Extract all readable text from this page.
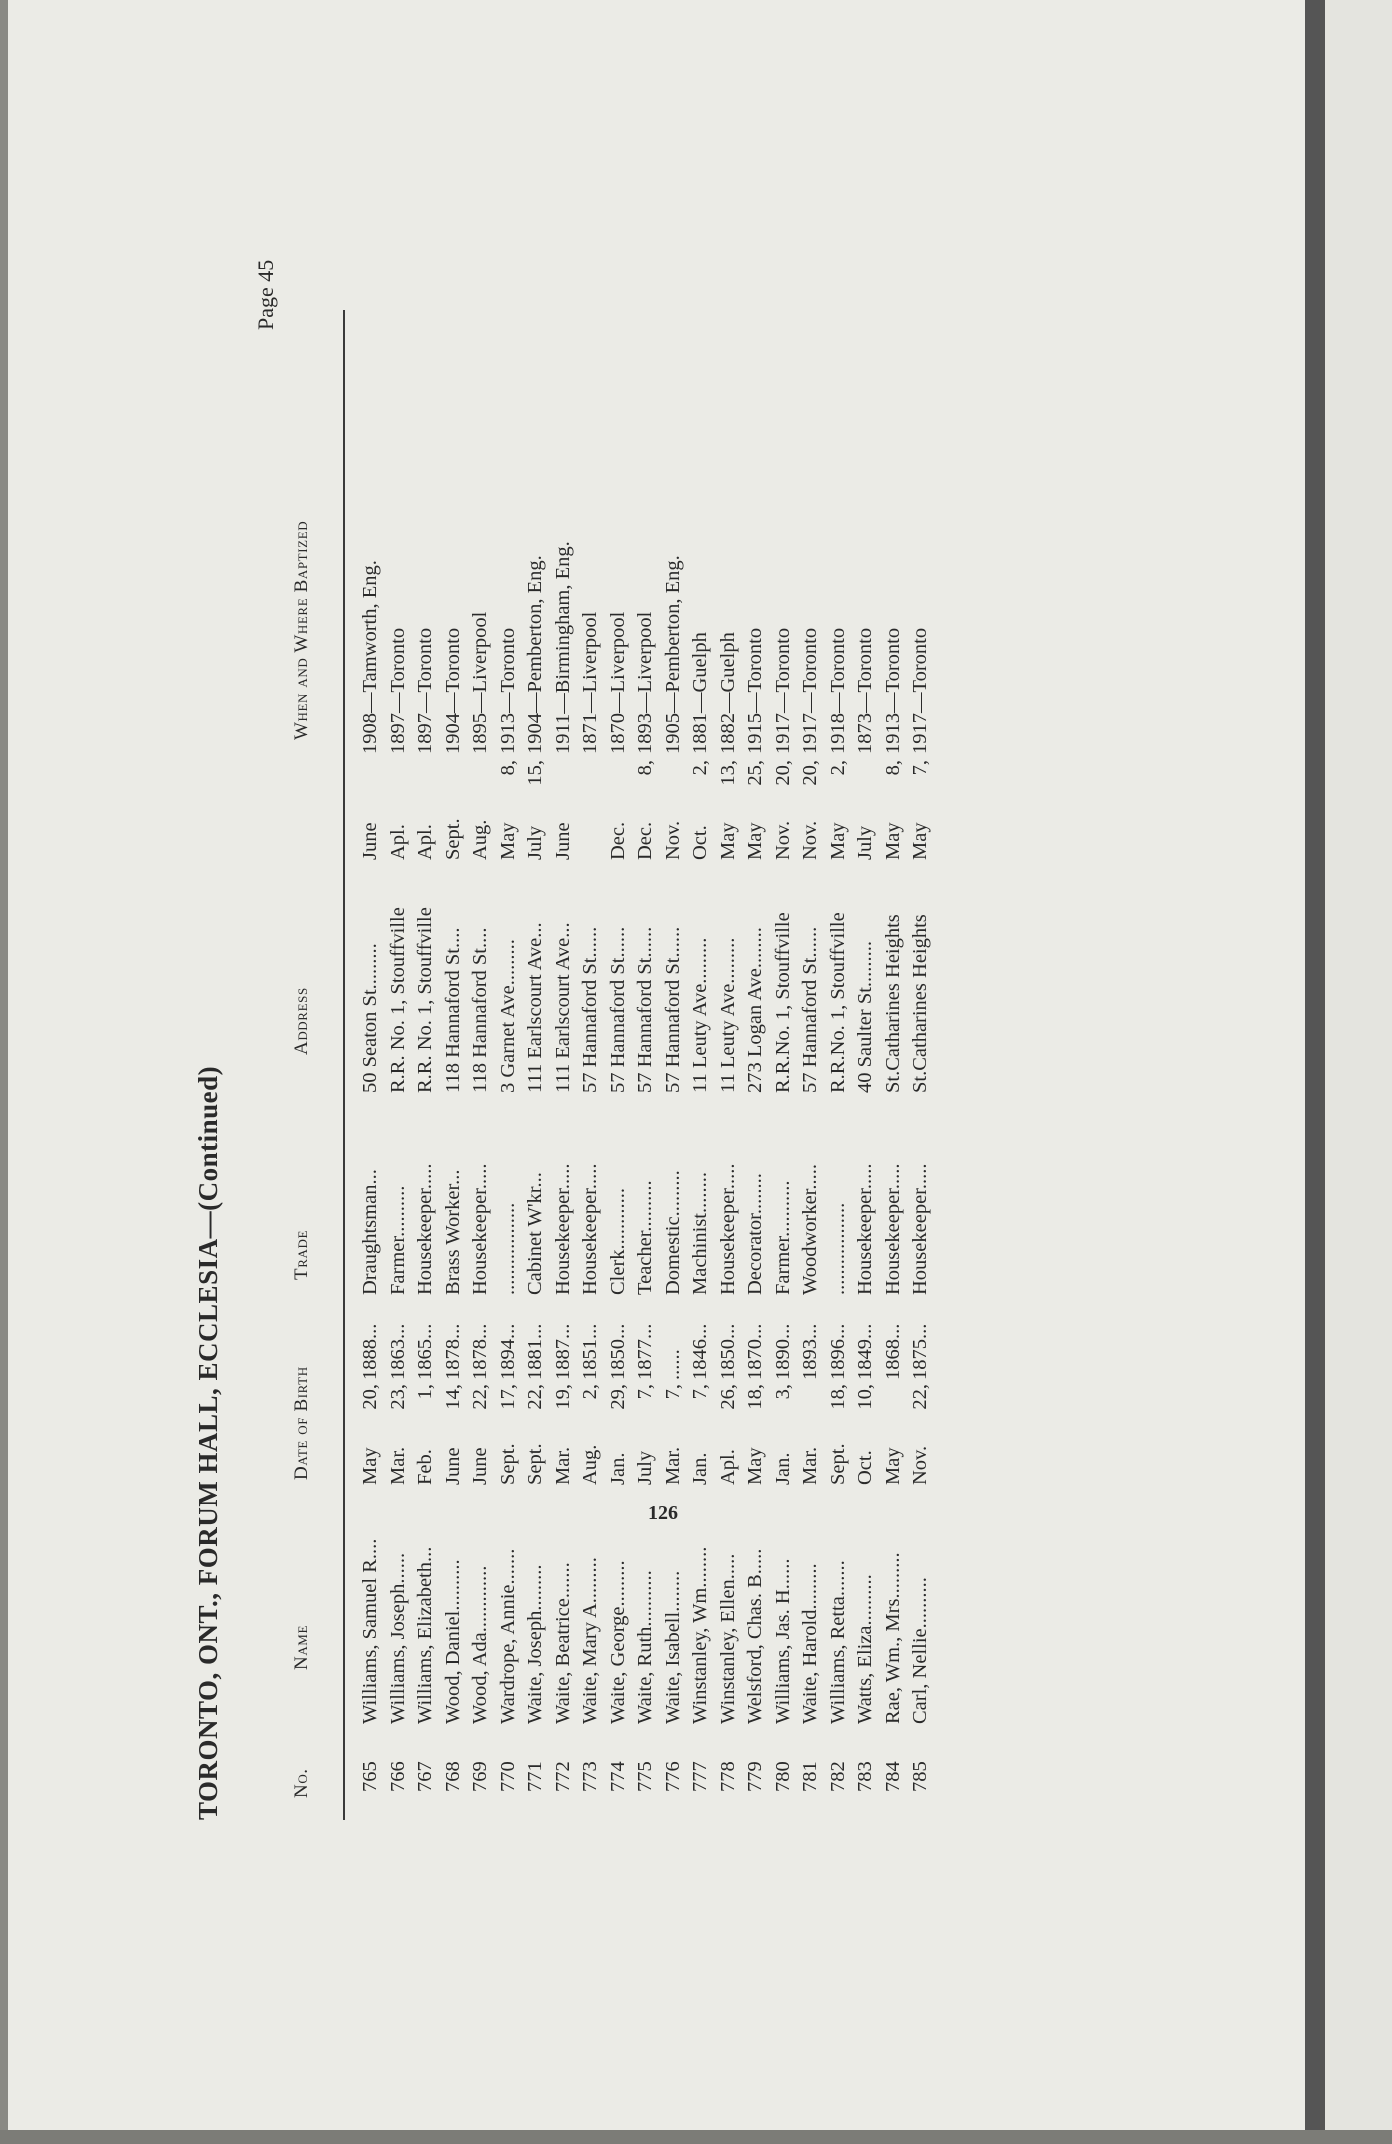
TORONTO, ONT., FORUM HALL, ECCLESIA—(Continued)
Page 45
No.
Name
Date of Birth
Trade
Address
When and Where Baptized
765
Williams, Samuel R....
May
20,
1888...
Draughtsman...
50 Seaton St.........
June
1908—Tamworth, Eng.
766
Williams, Joseph......
Mar.
23,
1863...
Farmer..........
R.R. No. 1, Stouffville
Apl.
1897—Toronto
767
Williams, Elizabeth...
Feb.
1,
1865...
Housekeeper.....
R.R. No. 1, Stouffville
Apl.
1897—Toronto
768
Wood, Daniel..........
June
14,
1878...
Brass Worker...
118 Hannaford St....
Sept.
1904—Toronto
769
Wood, Ada.............
June
22,
1878...
Housekeeper.....
118 Hannaford St....
Aug.
1895—Liverpool
770
Wardrope, Annie.......
Sept.
17,
1894...
..................
3 Garnet Ave.........
May
8,
1913—Toronto
771
Waite, Joseph.........
Sept.
22,
1881...
Cabinet W'kr...
111 Earlscourt Ave...
July
15,
1904—Pemberton, Eng.
772
Waite, Beatrice.......
Mar.
19,
1887...
Housekeeper.....
111 Earlscourt Ave...
June
1911—Birmingham, Eng.
773
Waite, Mary A.........
Aug.
2,
1851...
Housekeeper.....
57 Hannaford St......
1871—Liverpool
774
Waite, George.........
Jan.
29,
1850...
Clerk............
57 Hannaford St......
Dec.
1870—Liverpool
775
Waite, Ruth...........
July
7,
1877...
Teacher..........
57 Hannaford St......
Dec.
8,
1893—Liverpool
776
Waite, Isabell........
Mar.
7,
......
Domestic.........
57 Hannaford St......
Nov.
1905—Pemberton, Eng.
777
Winstanley, Wm........
Jan.
7,
1846...
Machinist........
11 Leuty Ave.........
Oct.
2,
1881—Guelph
778
Winstanley, Ellen.....
Apl.
26,
1850...
Housekeeper.....
11 Leuty Ave.........
May
13,
1882—Guelph
779
Welsford, Chas. B.....
May
18,
1870...
Decorator........
273 Logan Ave........
May
25,
1915—Toronto
780
Williams, Jas. H......
Jan.
3,
1890...
Farmer...........
R.R.No. 1, Stouffville
Nov.
20,
1917—Toronto
781
Waite, Harold.........
Mar.
1893...
Woodworker.....
57 Hannaford St......
Nov.
20,
1917—Toronto
782
Williams, Retta.......
Sept.
18,
1896...
..................
R.R.No. 1, Stouffville
May
2,
1918—Toronto
783
Watts, Eliza..........
Oct.
10,
1849...
Housekeeper.....
40 Saulter St.........
July
1873—Toronto
784
Rae, Wm., Mrs.........
May
1868...
Housekeeper.....
St.Catharines Heights
May
8,
1913—Toronto
785
Carl, Nellie..........
Nov.
22,
1875...
Housekeeper.....
St.Catharines Heights
May
7,
1917—Toronto
126
